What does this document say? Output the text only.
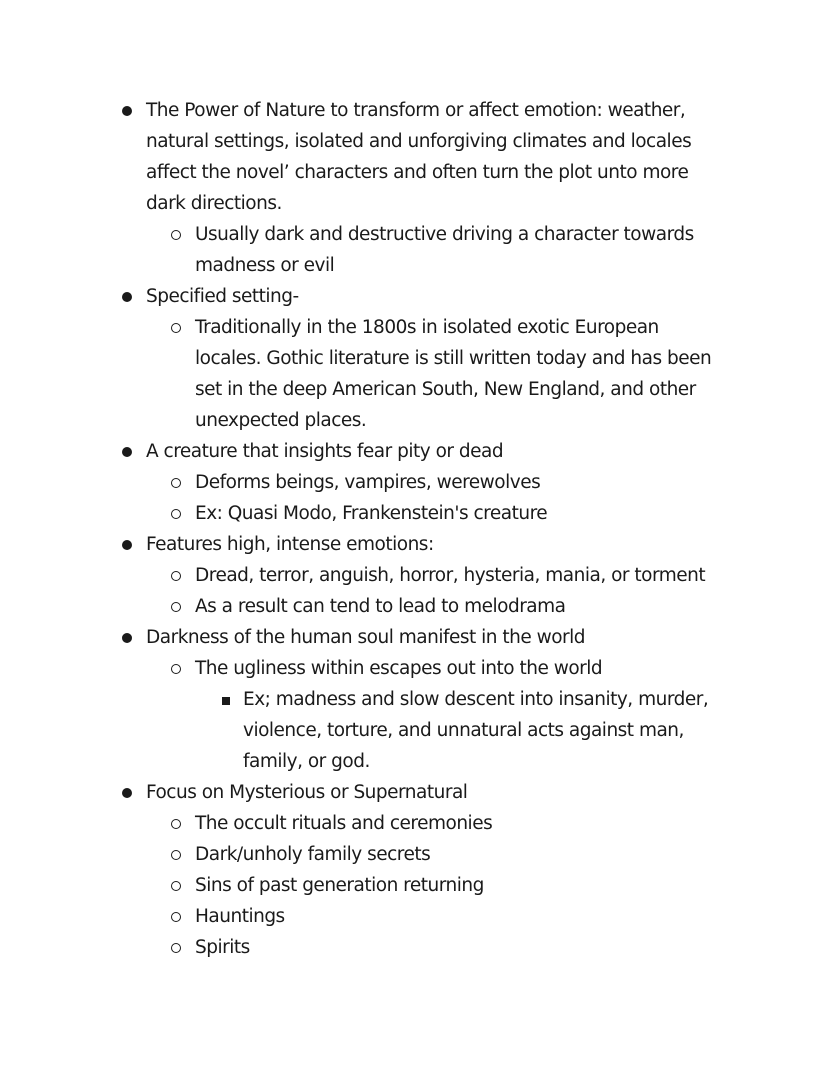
The Power of Nature to transform or affect emotion: weather,
natural settings, isolated and unforgiving climates and locales
affect the novel’ characters and often turn the plot unto more
dark directions.
Usually dark and destructive driving a character towards
madness or evil
Specified setting-
Traditionally in the 1800s in isolated exotic European
locales. Gothic literature is still written today and has been
set in the deep American South, New England, and other
unexpected places.
A creature that insights fear pity or dead
Deforms beings, vampires, werewolves
Ex: Quasi Modo, Frankenstein's creature
Features high, intense emotions:
Dread, terror, anguish, horror, hysteria, mania, or torment
As a result can tend to lead to melodrama
Darkness of the human soul manifest in the world
The ugliness within escapes out into the world
Ex; madness and slow descent into insanity, murder,
violence, torture, and unnatural acts against man,
family, or god.
Focus on Mysterious or Supernatural
The occult rituals and ceremonies
Dark/unholy family secrets
Sins of past generation returning
Hauntings
Spirits
